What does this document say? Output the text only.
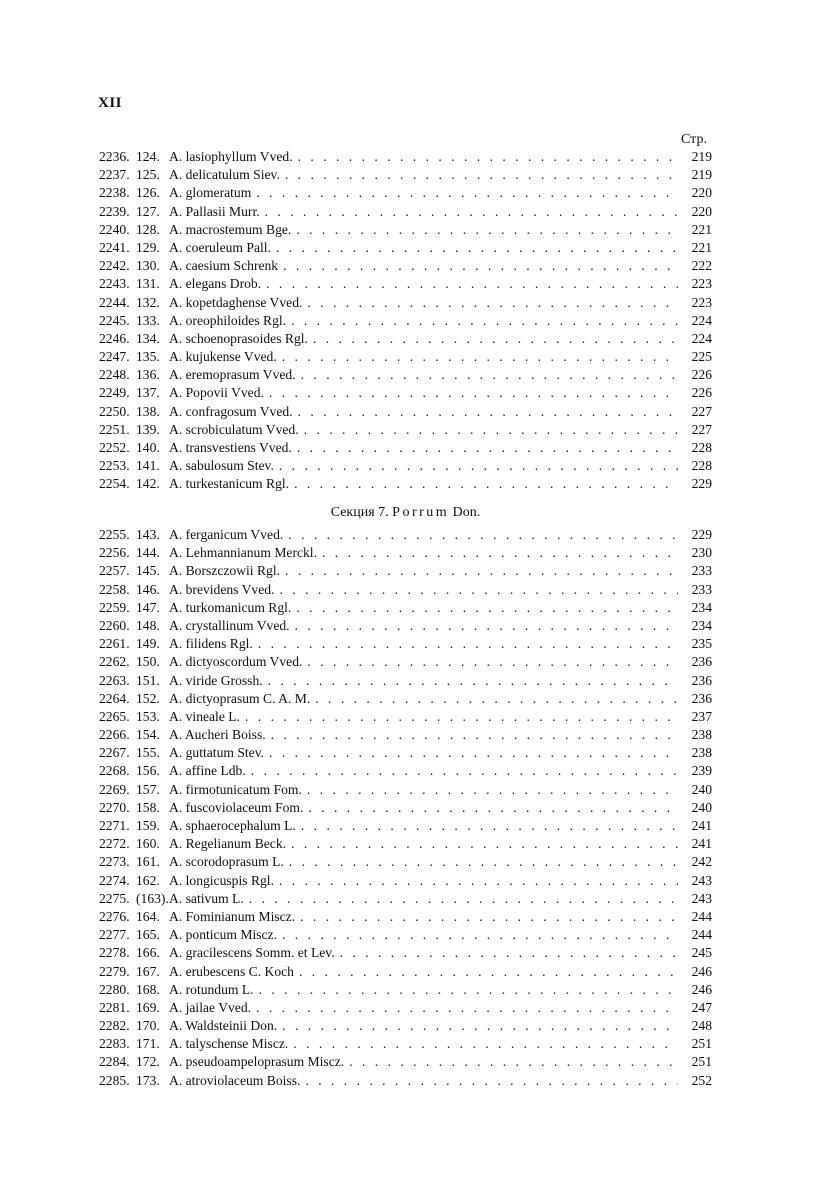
XII
Стр.
2236. 124. A. lasiophyllum Vved. . . .	219
2237. 125. A. delicatulum Siev. . . .	219
2238. 126. A. glomeratum . . .	220
2239. 127. A. Pallasii Murr. . . .	220
2240. 128. A. macrostemum Bge. . . .	221
2241. 129. A. coeruleum Pall. . . .	221
2242. 130. A. caesium Schrenk . . .	222
2243. 131. A. elegans Drob. . . .	223
2244. 132. A. kopetdaghense Vved. . . .	223
2245. 133. A. oreophiloides Rgl. . . .	224
2246. 134. A. schoenoprasoides Rgl. . . .	224
2247. 135. A. kujukense Vved. . . .	225
2248. 136. A. eremoprasum Vved. . . .	226
2249. 137. A. Popovii Vved. . . .	226
2250. 138. A. confragosum Vved. . . .	227
2251. 139. A. scrobiculatum Vved. . . .	227
2252. 140. A. transvestiens Vved. . . .	228
2253. 141. A. sabulosum Stev. . . .	228
2254. 142. A. turkestanicum Rgl. . . .	229
Секция 7. Porrum Don.
2255. 143. A. ferganicum Vved. . . .	229
2256. 144. A. Lehmannianum Merckl. . . .	230
2257. 145. A. Borszczowii Rgl. . . .	233
2258. 146. A. brevidens Vved. . . .	233
2259. 147. A. turkomanicum Rgl. . . .	234
2260. 148. A. crystallinum Vved. . . .	234
2261. 149. A. filidens Rgl. . . .	235
2262. 150. A. dictyoscordum Vved. . . .	236
2263. 151. A. viride Grossh. . . .	236
2264. 152. A. dictyoprasum C. A. M. . . .	236
2265. 153. A. vineale L. . . .	237
2266. 154. A. Aucheri Boiss. . . .	238
2267. 155. A. guttatum Stev. . . .	238
2268. 156. A. affine Ldb. . . .	239
2269. 157. A. firmotunicatum Fom. . . .	240
2270. 158. A. fuscoviolaceum Fom. . . .	240
2271. 159. A. sphaerocephalum L. . . .	241
2272. 160. A. Regelianum Beck. . . .	241
2273. 161. A. scorodoprasum L. . . .	242
2274. 162. A. longicuspis Rgl. . . .	243
2275. (163). A. sativum L. . . .	243
2276. 164. A. Fominianum Miscz. . . .	244
2277. 165. A. ponticum Miscz. . . .	244
2278. 166. A. gracilescens Somm. et Lev. . . .	245
2279. 167. A. erubescens C. Koch . . .	246
2280. 168. A. rotundum L. . . .	246
2281. 169. A. jailae Vved. . . .	247
2282. 170. A. Waldsteinii Don. . . .	248
2283. 171. A. talyschense Miscz. . . .	251
2284. 172. A. pseudoampeloprasum Miscz. . . .	251
2285. 173. A. atroviolaceum Boiss. . . .	252
